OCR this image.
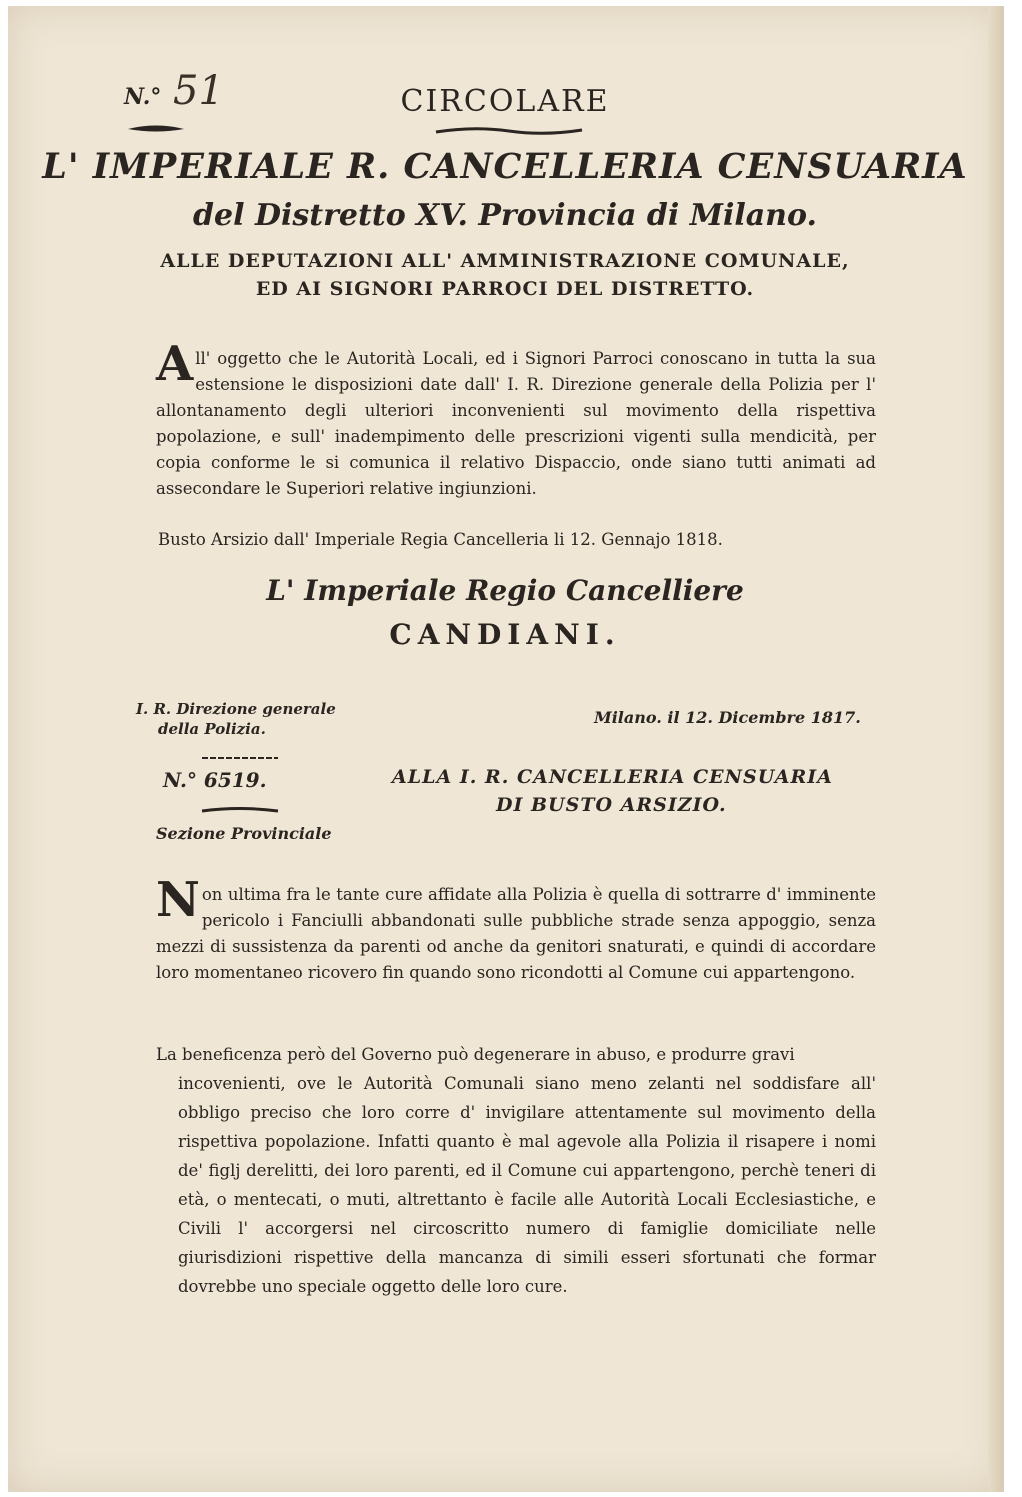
N.° 51	CIRCOLARE
L' IMPERIALE R. CANCELLERIA CENSUARIA
del Distretto XV. Provincia di Milano.
ALLE DEPUTAZIONI ALL' AMMINISTRAZIONE COMUNALE,
ED AI SIGNORI PARROCI DEL DISTRETTO.
A ll' oggetto che le Autorità Locali, ed i Signori Parroci conoscano in tutta la sua estensione le disposizioni date dall' I. R. Direzione generale della Polizia per l' allontanamento degli ulteriori inconvenienti sul movimento della rispettiva popolazione, e sull' inadempimento delle prescrizioni vigenti sulla mendicità, per copia conforme le si comunica il relativo Dispaccio, onde siano tutti animati ad assecondare le Superiori relative ingiunzioni.
Busto Arsizio dall' Imperiale Regia Cancelleria li 12. Gennajo 1818.
L' Imperiale Regio Cancelliere
CANDIANI.
I. R. Direzione generale
della Polizia.
Milano. il 12. Dicembre 1817.
N.° 6519.	ALLA I. R. CANCELLERIA CENSUARIA
DI BUSTO ARSIZIO.
Sezione Provinciale
N on ultima fra le tante cure affidate alla Polizia è quella di sottrarre d' imminente pericolo i Fanciulli abbandonati sulle pubbliche strade senza appoggio, senza mezzi di sussistenza da parenti od anche da genitori snaturati, e quindi di accordare loro momentaneo ricovero fin quando sono ricondotti al Comune cui appartengono.
La beneficenza però del Governo può degenerare in abuso, e produrre gravi
incovenienti, ove le Autorità Comunali siano meno zelanti nel soddisfare all' obbligo preciso che loro corre d' invigilare attentamente sul movimento della rispettiva popolazione. Infatti quanto è mal agevole alla Polizia il risapere i nomi de' figlj derelitti, dei loro parenti, ed il Comune cui appartengono, perchè teneri di età, o mentecati, o muti, altrettanto è facile alle Autorità Locali Ecclesiastiche, e Civili l' accorgersi nel circoscritto numero di famiglie domiciliate nelle giurisdizioni rispettive della mancanza di simili esseri sfortunati che formar dovrebbe uno speciale oggetto delle loro cure.
